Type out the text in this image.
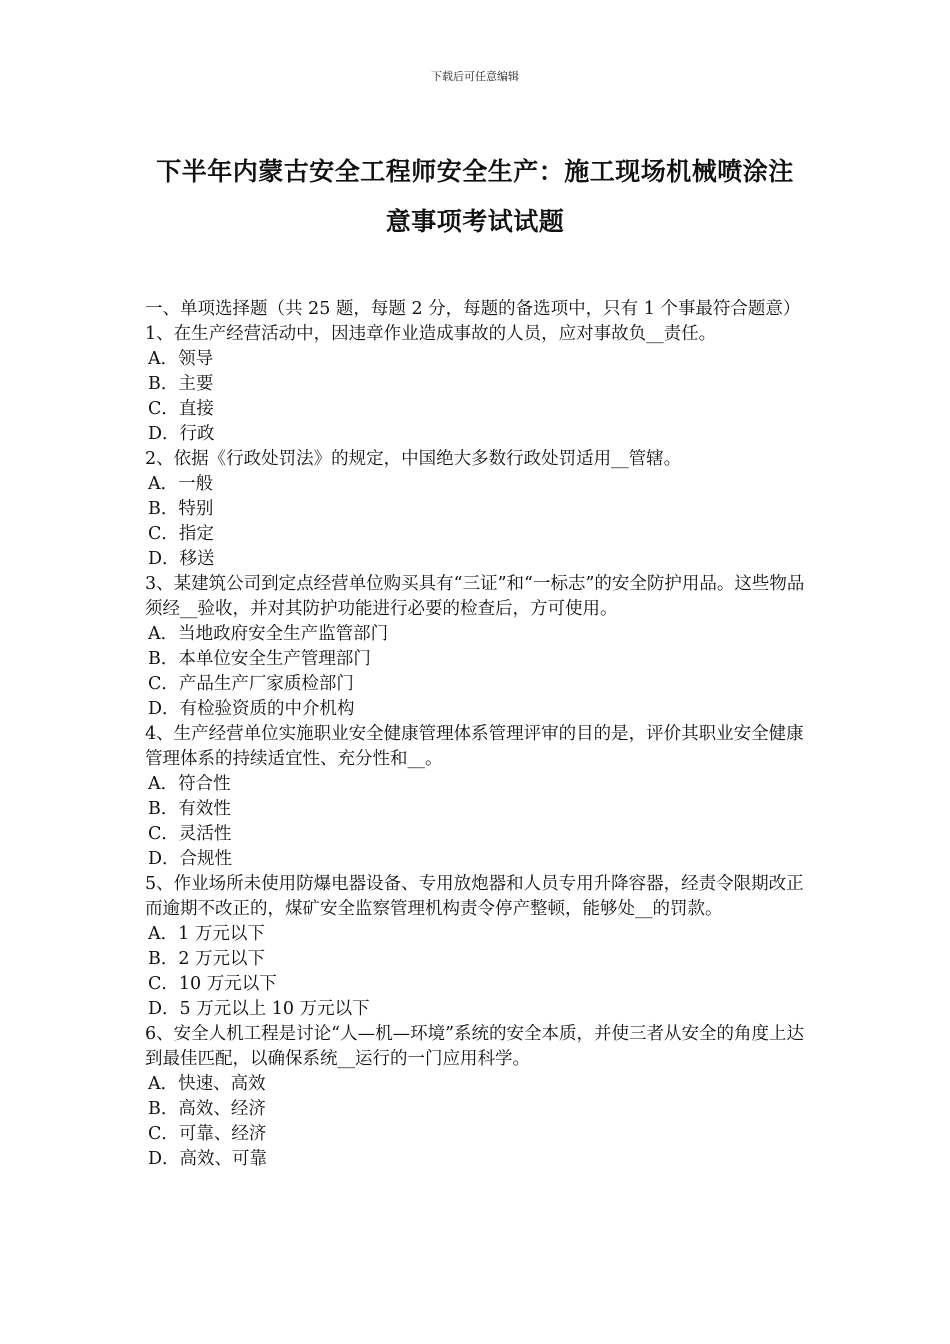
下载后可任意编辑
下半年内蒙古安全工程师安全生产：施工现场机械喷涂注
意事项考试试题
一、单项选择题（共 25 题，每题 2 分，每题的备选项中，只有 1 个事最符合题意）
1、在生产经营活动中，因违章作业造成事故的人员，应对事故负__责任。
A．领导
B．主要
C．直接
D．行政
2、依据《行政处罚法》的规定，中国绝大多数行政处罚适用__管辖。
A．一般
B．特别
C．指定
D．移送
3、某建筑公司到定点经营单位购买具有“三证”和“一标志”的安全防护用品。这些物品须经__验收，并对其防护功能进行必要的检查后，方可使用。
A．当地政府安全生产监管部门
B．本单位安全生产管理部门
C．产品生产厂家质检部门
D．有检验资质的中介机构
4、生产经营单位实施职业安全健康管理体系管理评审的目的是，评价其职业安全健康管理体系的持续适宜性、充分性和__。
A．符合性
B．有效性
C．灵活性
D．合规性
5、作业场所未使用防爆电器设备、专用放炮器和人员专用升降容器，经责令限期改正而逾期不改正的，煤矿安全监察管理机构责令停产整顿，能够处__的罚款。
A．1 万元以下
B．2 万元以下
C．10 万元以下
D．5 万元以上 10 万元以下
6、安全人机工程是讨论“人—机—环境”系统的安全本质，并使三者从安全的角度上达到最佳匹配，以确保系统__运行的一门应用科学。
A．快速、高效
B．高效、经济
C．可靠、经济
D．高效、可靠
